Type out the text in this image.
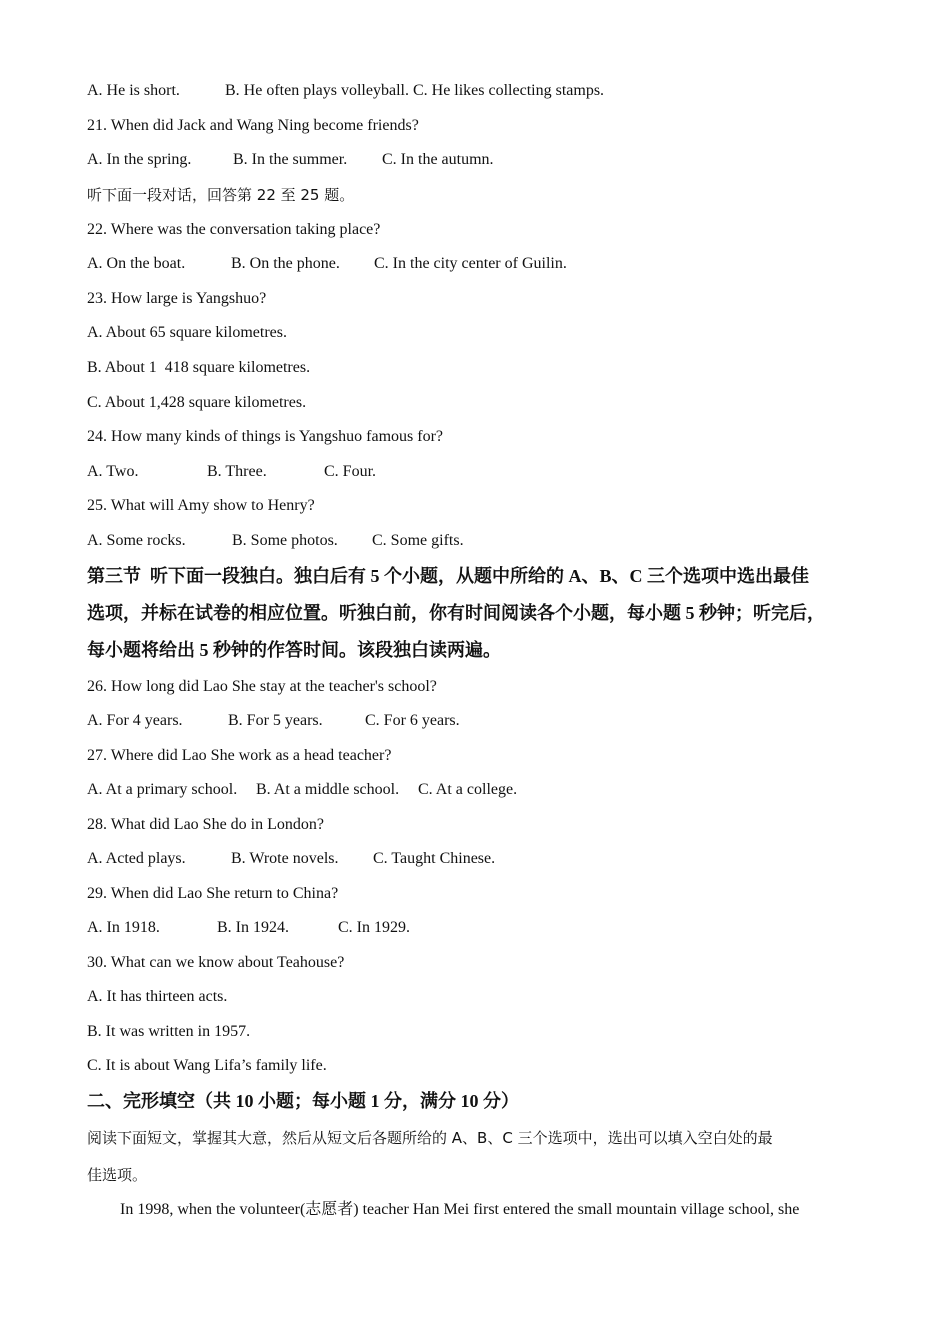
A. He is short.	B. He often plays volleyball. C. He likes collecting stamps.
21. When did Jack and Wang Ning become friends?
A. In the spring.	B. In the summer.	C. In the autumn.
听下面一段对话，回答第 22 至 25 题。
22. Where was the conversation taking place?
A. On the boat.	B. On the phone.	C. In the city center of Guilin.
23. How large is Yangshuo?
A. About 65 square kilometres.
B. About 1  418 square kilometres.
C. About 1,428 square kilometres.
24. How many kinds of things is Yangshuo famous for?
A. Two.	B. Three.	C. Four.
25. What will Amy show to Henry?
A. Some rocks.	B. Some photos.	C. Some gifts.
第三节  听下面一段独白。独白后有 5 个小题，从题中所给的 A、B、C 三个选项中选出最佳
选项，并标在试卷的相应位置。听独白前，你有时间阅读各个小题，每小题 5 秒钟；听完后，
每小题将给出 5 秒钟的作答时间。该段独白读两遍。
26. How long did Lao She stay at the teacher's school?
A. For 4 years.	B. For 5 years.	C. For 6 years.
27. Where did Lao She work as a head teacher?
A. At a primary school.	B. At a middle school.	C. At a college.
28. What did Lao She do in London?
A. Acted plays.	B. Wrote novels.	C. Taught Chinese.
29. When did Lao She return to China?
A. In 1918.	B. In 1924.	C. In 1929.
30. What can we know about Teahouse?
A. It has thirteen acts.
B. It was written in 1957.
C. It is about Wang Lifa’s family life.
二、完形填空（共 10 小题；每小题 1 分，满分 10 分）
阅读下面短文，掌握其大意，然后从短文后各题所给的 A、B、C 三个选项中，选出可以填入空白处的最
佳选项。
In 1998, when the volunteer(志愿者) teacher Han Mei first entered the small mountain village school, she
